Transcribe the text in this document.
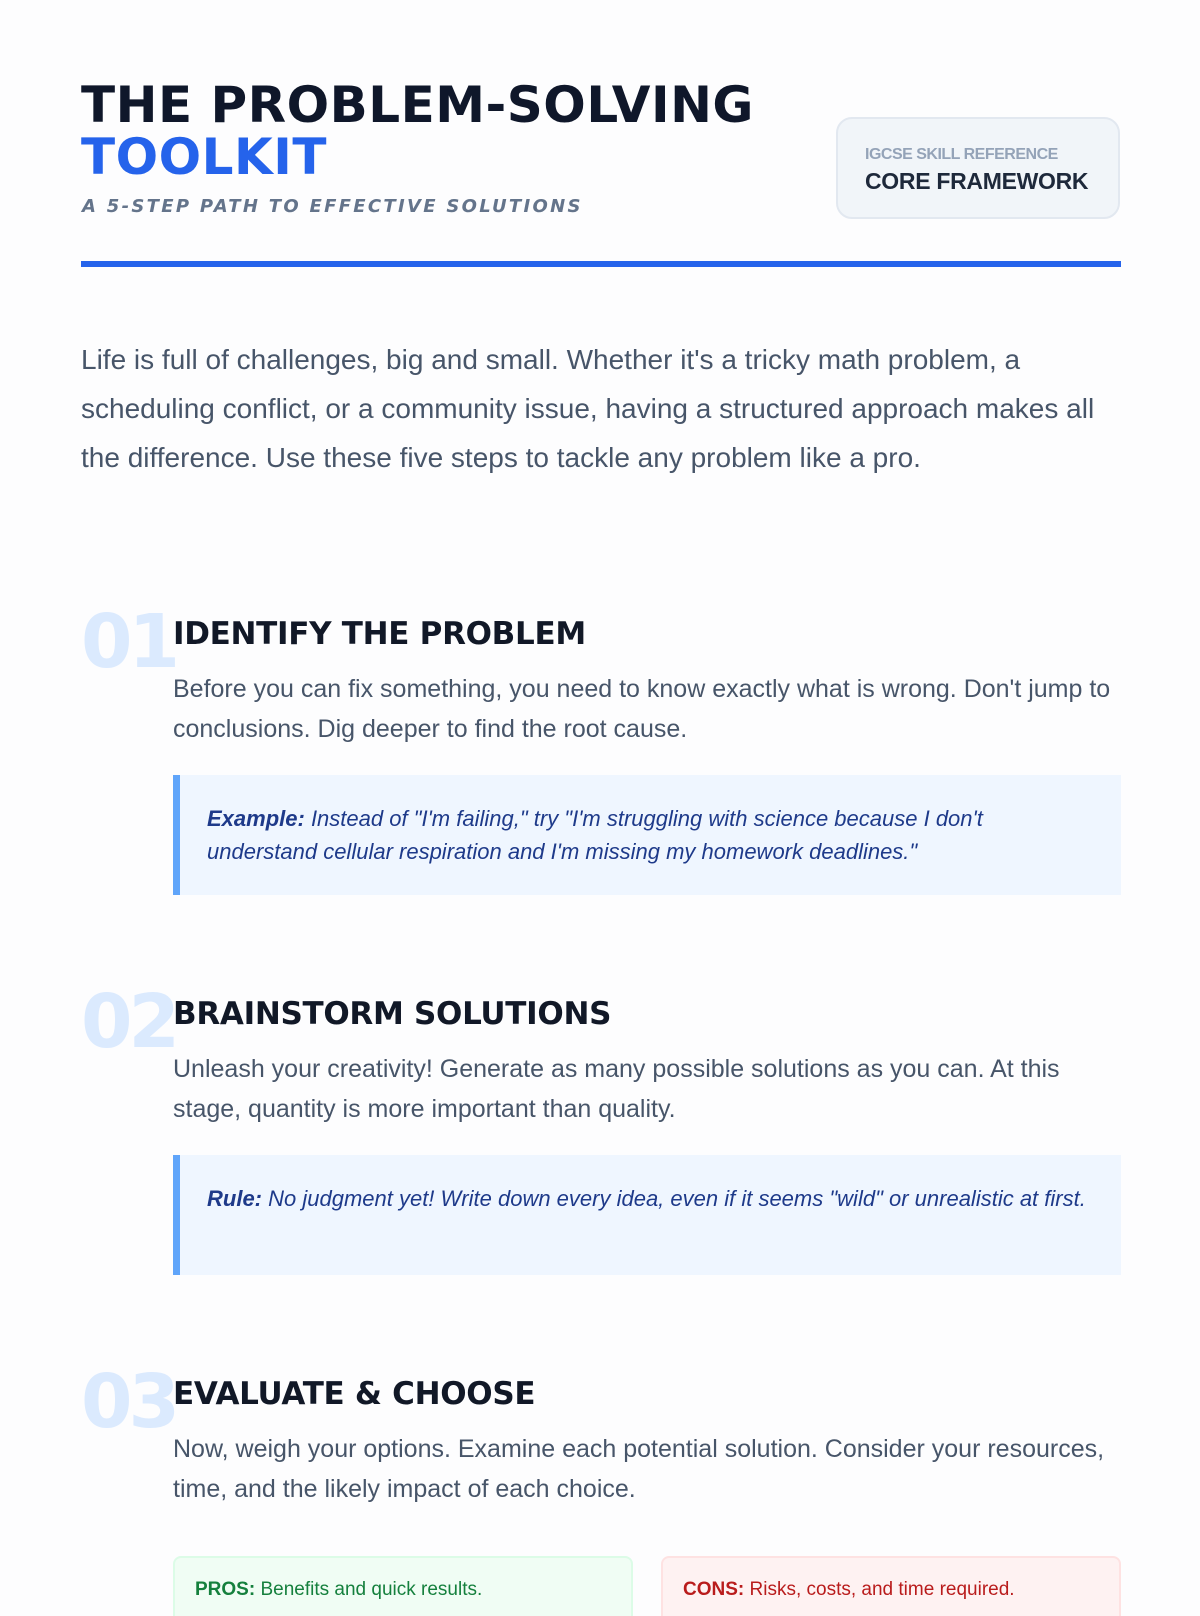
THE PROBLEM-SOLVING
TOOLKIT
A 5-STEP PATH TO EFFECTIVE SOLUTIONS
IGCSE SKILL REFERENCE
CORE FRAMEWORK

Life is full of challenges, big and small. Whether it's a tricky math problem, a scheduling conflict, or a community issue, having a structured approach makes all the difference. Use these five steps to tackle any problem like a pro.

01
IDENTIFY THE PROBLEM
Before you can fix something, you need to know exactly what is wrong. Don't jump to conclusions. Dig deeper to find the root cause.
Example: Instead of "I'm failing," try "I'm struggling with science because I don't understand cellular respiration and I'm missing my homework deadlines."
02
BRAINSTORM SOLUTIONS
Unleash your creativity! Generate as many possible solutions as you can. At this stage, quantity is more important than quality.
Rule: No judgment yet! Write down every idea, even if it seems "wild" or unrealistic at first.
03
EVALUATE & CHOOSE
Now, weigh your options. Examine each potential solution. Consider your resources, time, and the likely impact of each choice.
PROS: Benefits and quick results.	CONS: Risks, costs, and time required.
